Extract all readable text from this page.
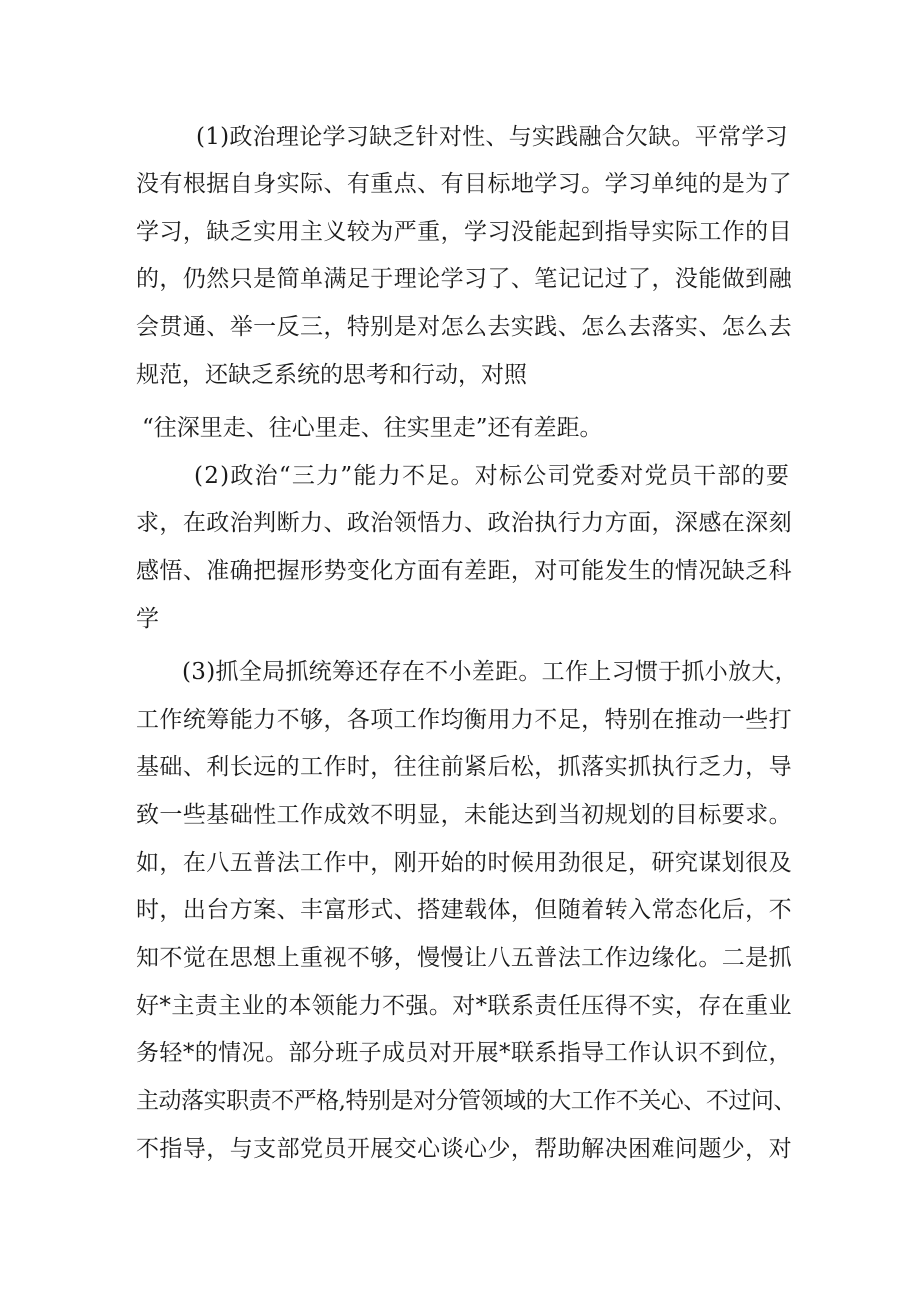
(1)政治理论学习缺乏针对性、与实践融合欠缺。平常学习

没有根据自身实际、有重点、有目标地学习。学习单纯的是为了

学习，缺乏实用主义较为严重，学习没能起到指导实际工作的目

的，仍然只是简单满足于理论学习了、笔记记过了，没能做到融

会贯通、举一反三，特别是对怎么去实践、怎么去落实、怎么去

规范，还缺乏系统的思考和行动，对照

“往深里走、往心里走、往实里走”还有差距。

(2)政治“三力”能力不足。对标公司党委对党员干部的要

求，在政治判断力、政治领悟力、政治执行力方面，深感在深刻

感悟、准确把握形势变化方面有差距，对可能发生的情况缺乏科

学

(3)抓全局抓统筹还存在不小差距。工作上习惯于抓小放大，

工作统筹能力不够，各项工作均衡用力不足，特别在推动一些打

基础、利长远的工作时，往往前紧后松，抓落实抓执行乏力，导

致一些基础性工作成效不明显，未能达到当初规划的目标要求。

如，在八五普法工作中，刚开始的时候用劲很足，研究谋划很及

时，出台方案、丰富形式、搭建载体，但随着转入常态化后，不

知不觉在思想上重视不够，慢慢让八五普法工作边缘化。二是抓

好*主责主业的本领能力不强。对*联系责任压得不实，存在重业

务轻*的情况。部分班子成员对开展*联系指导工作认识不到位，

主动落实职责不严格,特别是对分管领域的大工作不关心、不过问、

不指导，与支部党员开展交心谈心少，帮助解决困难问题少，对
